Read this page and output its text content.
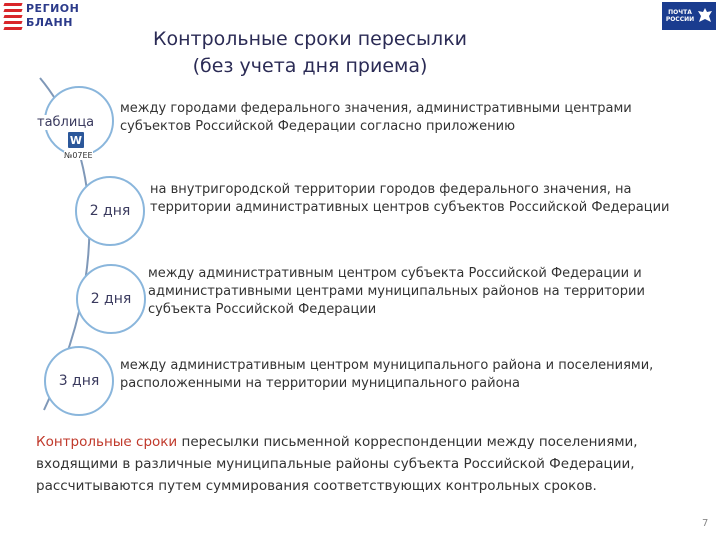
РЕГИОН
БЛАНН
ПОЧТА
РОССИИ
Контрольные сроки пересылки
(без учета дня приема)
таблица
W
№07ЕЕ
2 дня
2 дня
3 дня
между городами федерального значения, административными центрами субъектов Российской Федерации согласно приложению
на внутригородской территории городов федерального значения, на территории административных центров субъектов Российской Федерации
между административным центром субъекта Российской Федерации и административными центрами муниципальных районов на территории субъекта Российской Федерации
между административным центром муниципального района и поселениями, расположенными на территории муниципального района
Контрольные сроки пересылки письменной корреспонденции между поселениями, входящими в различные муниципальные районы субъекта Российской Федерации, рассчитываются путем суммирования соответствующих контрольных сроков.
7
